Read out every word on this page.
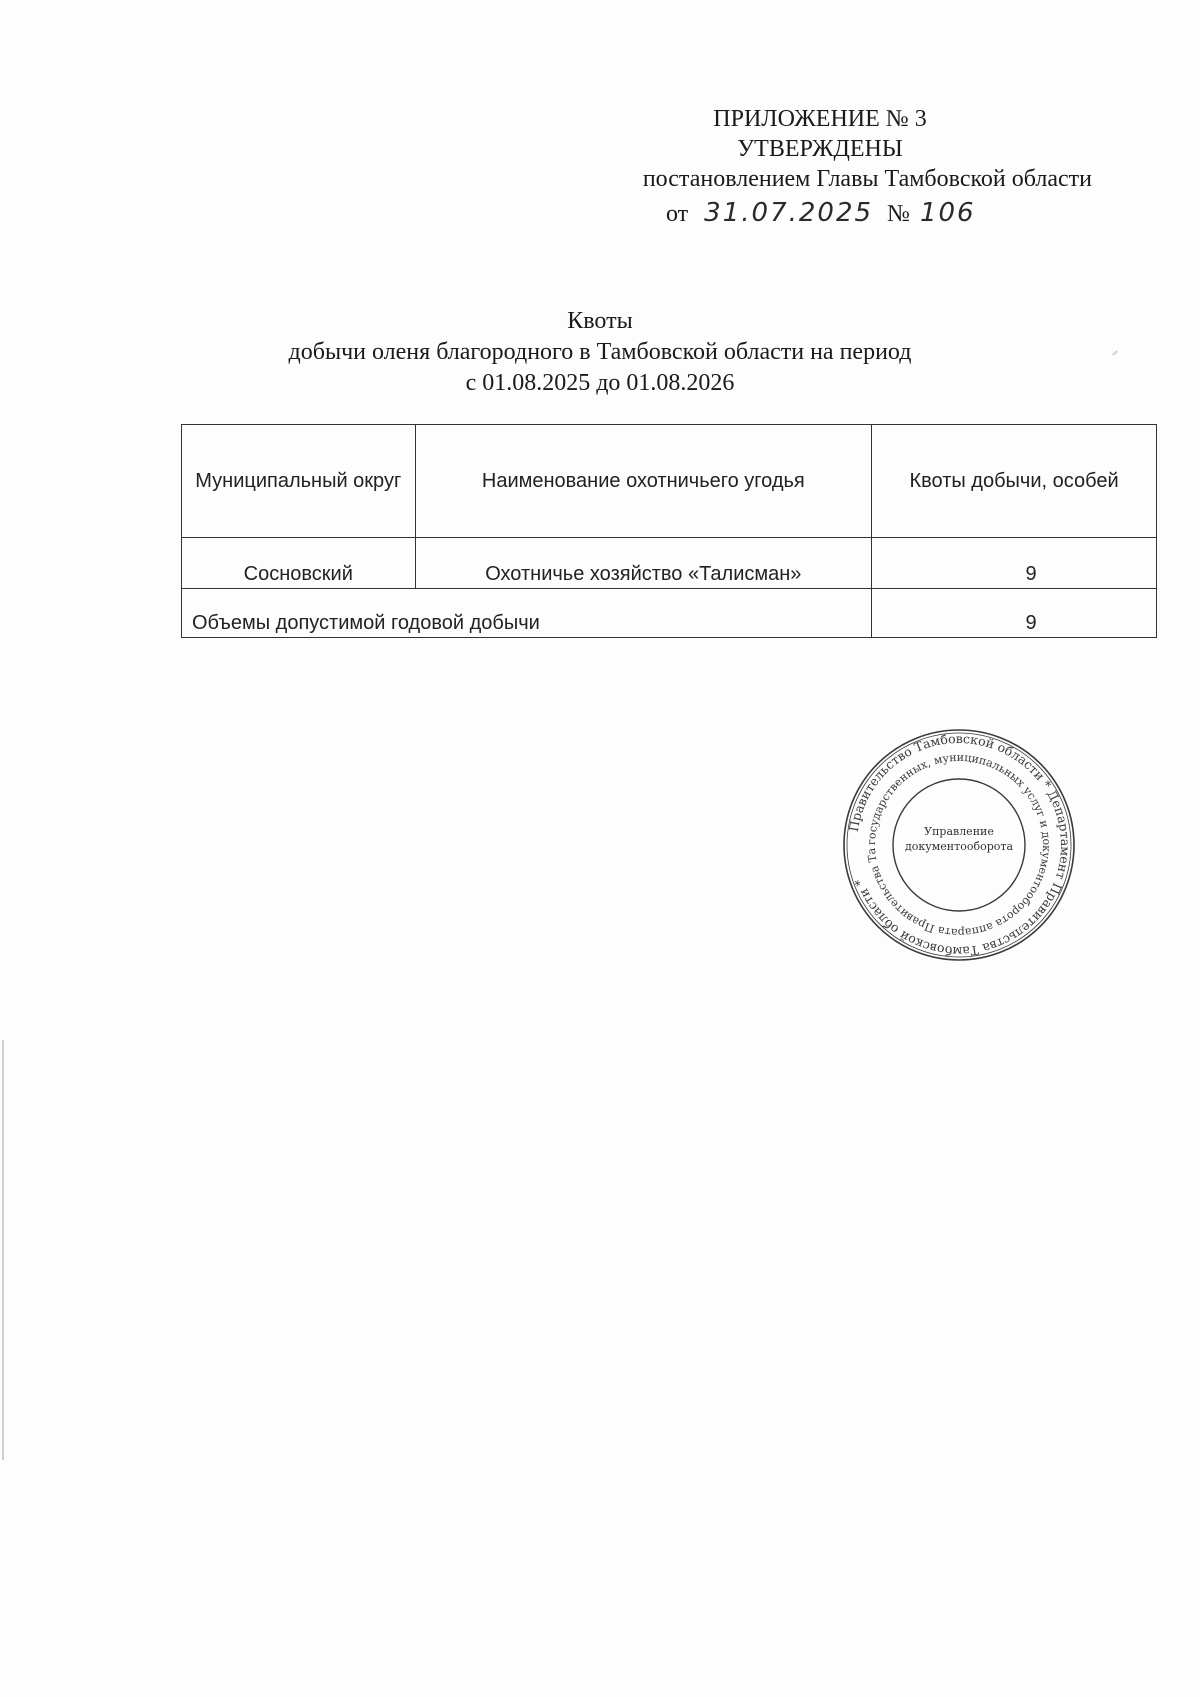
ПРИЛОЖЕНИЕ № 3
УТВЕРЖДЕНЫ
постановлением Главы Тамбовской области
от 31.07.2025 № 106
Квоты
добычи оленя благородного в Тамбовской области на период
с 01.08.2025 до 01.08.2026
Муниципальный округ	Наименование охотничьего угодья	Квоты добычи, особей
Сосновский	Охотничье хозяйство «Талисман»	9
Объемы допустимой годовой добычи		9
Правительство Тамбовской области * Департамент Правительства Тамбовской области *
государственных, муниципальных услуг и документооборота аппарата Правительства Тамбовской области
Управление
документооборота
